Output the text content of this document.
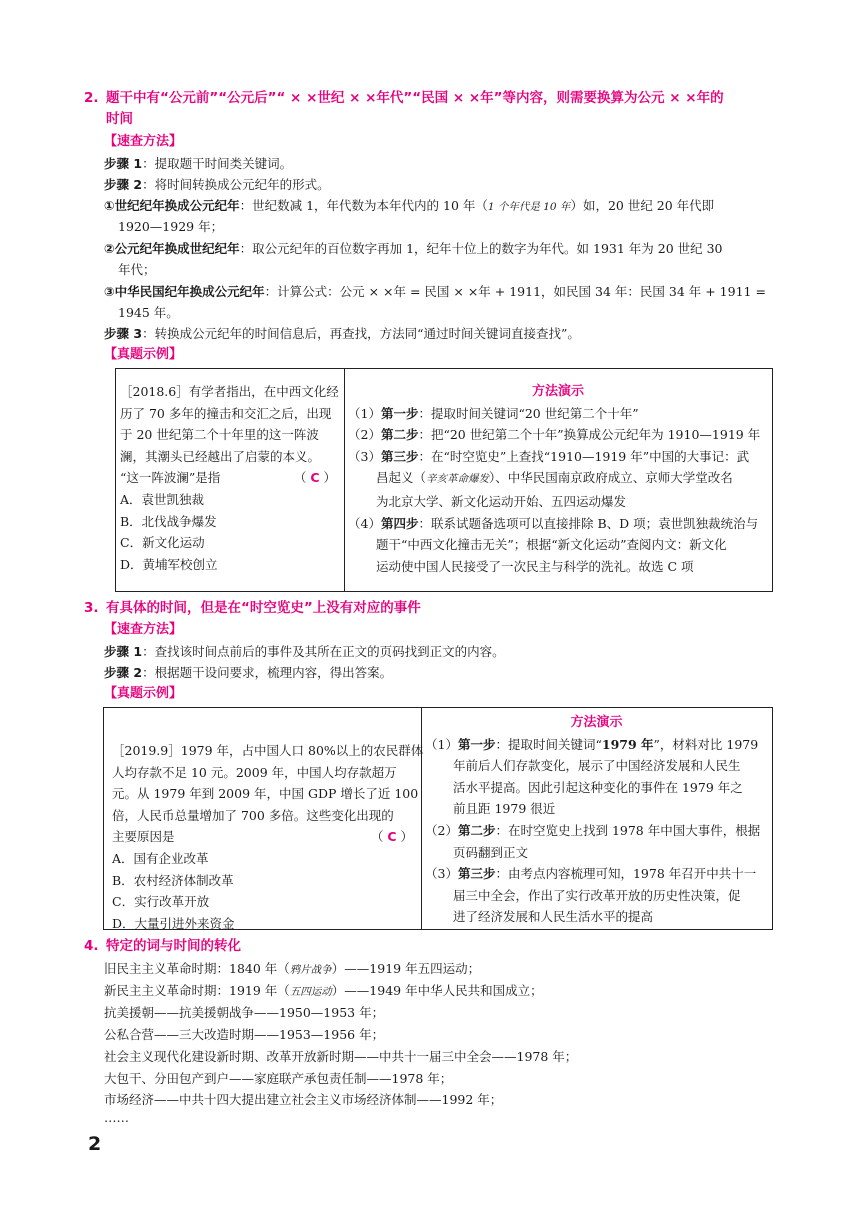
2. 题干中有“公元前”“公元后”“ × ×世纪 × ×年代”“民国 × ×年”等内容，则需要换算为公元 × ×年的
时间
【速查方法】
步骤 1：提取题干时间类关键词。
步骤 2：将时间转换成公元纪年的形式。
①世纪纪年换成公元纪年：世纪数减 1，年代数为本年代内的 10 年（1 个年代是 10 年）如，20 世纪 20 年代即
1920—1929 年；
②公元纪年换成世纪纪年：取公元纪年的百位数字再加 1，纪年十位上的数字为年代。如 1931 年为 20 世纪 30
年代；
③中华民国纪年换成公元纪年：计算公式：公元 × ×年 = 民国 × ×年 + 1911，如民国 34 年：民国 34 年 + 1911 =
1945 年。
步骤 3：转换成公元纪年的时间信息后，再查找，方法同“通过时间关键词直接查找”。
【真题示例】
［2018.6］有学者指出，在中西文化经
历了 70 多年的撞击和交汇之后，出现
于 20 世纪第二个十年里的这一阵波
澜，其潮头已经越出了启蒙的本义。
“这一阵波澜”是指	（ C ）
A．袁世凯独裁
B．北伐战争爆发
C．新文化运动
D．黄埔军校创立
方法演示
（1）第一步：提取时间关键词“20 世纪第二个十年”
（2）第二步：把“20 世纪第二个十年”换算成公元纪年为 1910—1919 年
（3）第三步：在“时空览史”上查找“1910—1919 年”中国的大事记：武
昌起义（辛亥革命爆发）、中华民国南京政府成立、京师大学堂改名
为北京大学、新文化运动开始、五四运动爆发
（4）第四步：联系试题备选项可以直接排除 B、D 项；袁世凯独裁统治与
题干“中西文化撞击无关”；根据“新文化运动”查阅内文：新文化
运动使中国人民接受了一次民主与科学的洗礼。故选 C 项
3. 有具体的时间，但是在“时空览史”上没有对应的事件
【速查方法】
步骤 1：查找该时间点前后的事件及其所在正文的页码找到正文的内容。
步骤 2：根据题干设问要求，梳理内容，得出答案。
【真题示例】
［2019.9］1979 年，占中国人口 80%以上的农民群体
人均存款不足 10 元。2009 年，中国人均存款超万
元。从 1979 年到 2009 年，中国 GDP 增长了近 100
倍，人民币总量增加了 700 多倍。这些变化出现的
主要原因是	（ C ）
A．国有企业改革
B．农村经济体制改革
C．实行改革开放
D．大量引进外来资金
方法演示
（1）第一步：提取时间关键词“1979 年”，材料对比 1979
年前后人们存款变化，展示了中国经济发展和人民生
活水平提高。因此引起这种变化的事件在 1979 年之
前且距 1979 很近
（2）第二步：在时空览史上找到 1978 年中国大事件，根据
页码翻到正文
（3）第三步：由考点内容梳理可知，1978 年召开中共十一
届三中全会，作出了实行改革开放的历史性决策，促
进了经济发展和人民生活水平的提高
4. 特定的词与时间的转化
旧民主主义革命时期：1840 年（鸦片战争）——1919 年五四运动；
新民主主义革命时期：1919 年（五四运动）——1949 年中华人民共和国成立；
抗美援朝——抗美援朝战争——1950—1953 年；
公私合营——三大改造时期——1953—1956 年；
社会主义现代化建设新时期、改革开放新时期——中共十一届三中全会——1978 年；
大包干、分田包产到户——家庭联产承包责任制——1978 年；
市场经济——中共十四大提出建立社会主义市场经济体制——1992 年；
……
2
